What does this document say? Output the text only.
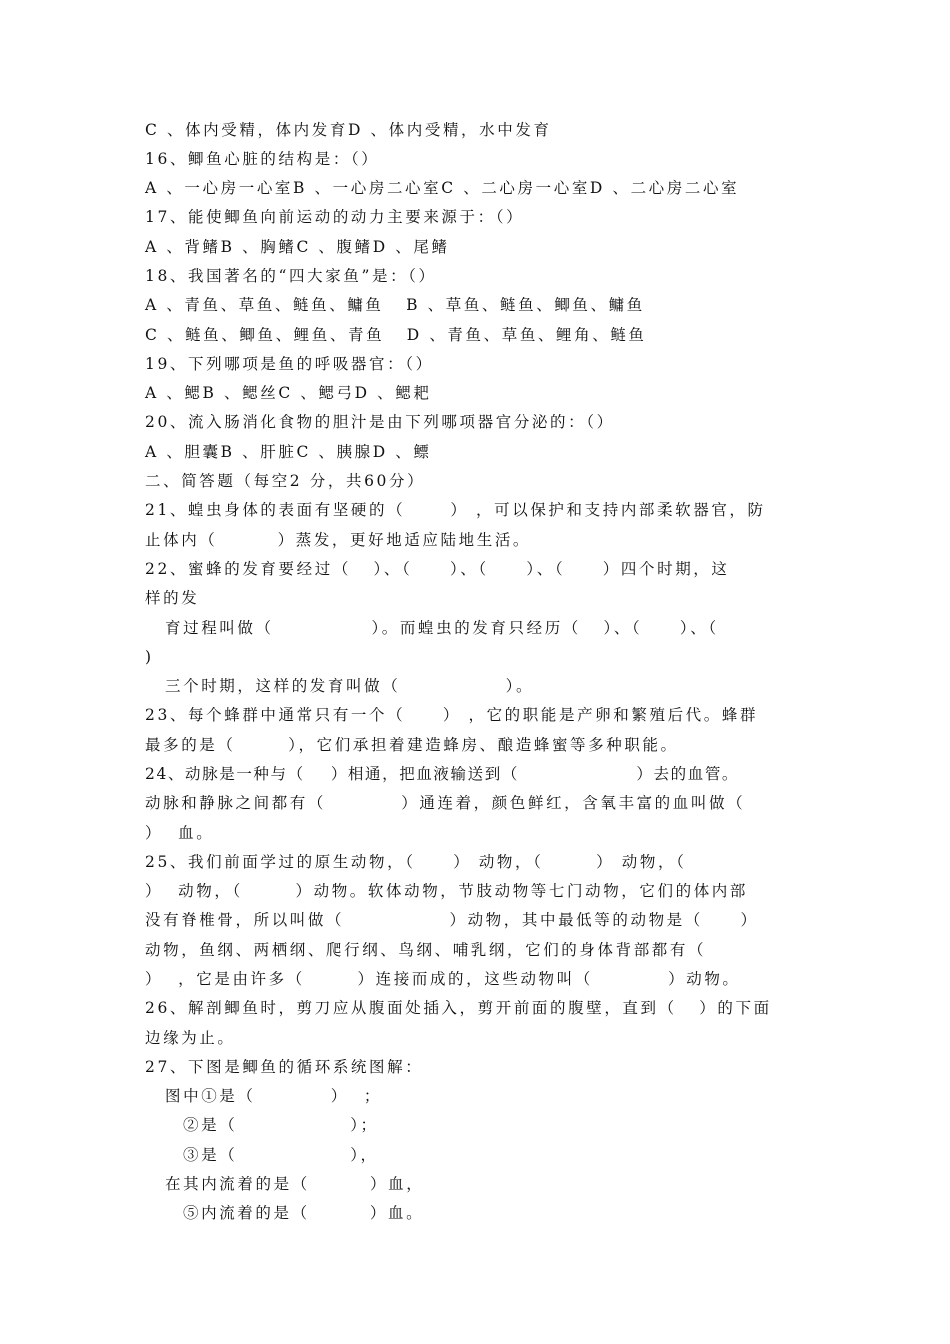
C 、体内受精，体内发育D 、体内受精，水中发育
16、鲫鱼心脏的结构是：（）
A 、一心房一心室B 、一心房二心室C 、二心房一心室D 、二心房二心室
17、能使鲫鱼向前运动的动力主要来源于：（）
A 、背鳍B 、胸鳍C 、腹鳍D 、尾鳍
18、我国著名的“四大家鱼”是：（）
A 、青鱼、草鱼、鲢鱼、鳙鱼   B 、草鱼、鲢鱼、鲫鱼、鳙鱼
C 、鲢鱼、鲫鱼、鲤鱼、青鱼   D 、青鱼、草鱼、鲤角、鲢鱼
19、下列哪项是鱼的呼吸器官：（）
A 、鳃B 、鳃丝C 、鳃弓D 、鳃耙
20、流入肠消化食物的胆汁是由下列哪项器官分泌的：（）
A 、胆囊B 、肝脏C 、胰腺D 、鳔
二、简答题（每空2 分，共60分）
21、蝗虫身体的表面有坚硬的（      ） ，可以保护和支持内部柔软器官，防
止体内（        ）蒸发，更好地适应陆地生活。
22、蜜蜂的发育要经过（   ）、（     ）、（     ）、（     ）四个时期，这
样的发
育过程叫做（             ）。而蝗虫的发育只经历（   ）、（     ）、（
)
三个时期，这样的发育叫做（              ）。
23、每个蜂群中通常只有一个（     ） ，它的职能是产卵和繁殖后代。蜂群
最多的是（       ），它们承担着建造蜂房、酿造蜂蜜等多种职能。
24、动脉是一种与（    ）相通，把血液输送到（                  ）去的血管。
动脉和静脉之间都有（          ）通连着，颜色鲜红，含氧丰富的血叫做（
）  血。
25、我们前面学过的原生动物，（     ） 动物，（       ） 动物，（
）  动物，（       ）动物。软体动物，节肢动物等七门动物，它们的体内部
没有脊椎骨，所以叫做（              ）动物，其中最低等的动物是（     ）
动物，鱼纲、两栖纲、爬行纲、鸟纲、哺乳纲，它们的身体背部都有（
）  ，它是由许多（       ）连接而成的，这些动物叫（          ）动物。
26、解剖鲫鱼时，剪刀应从腹面处插入，剪开前面的腹壁，直到（   ）的下面
边缘为止。
27、下图是鲫鱼的循环系统图解：
图中①是（          ）  ；
②是（               ）；
③是（               ），
在其内流着的是（        ）血，
⑤内流着的是（        ）血。
